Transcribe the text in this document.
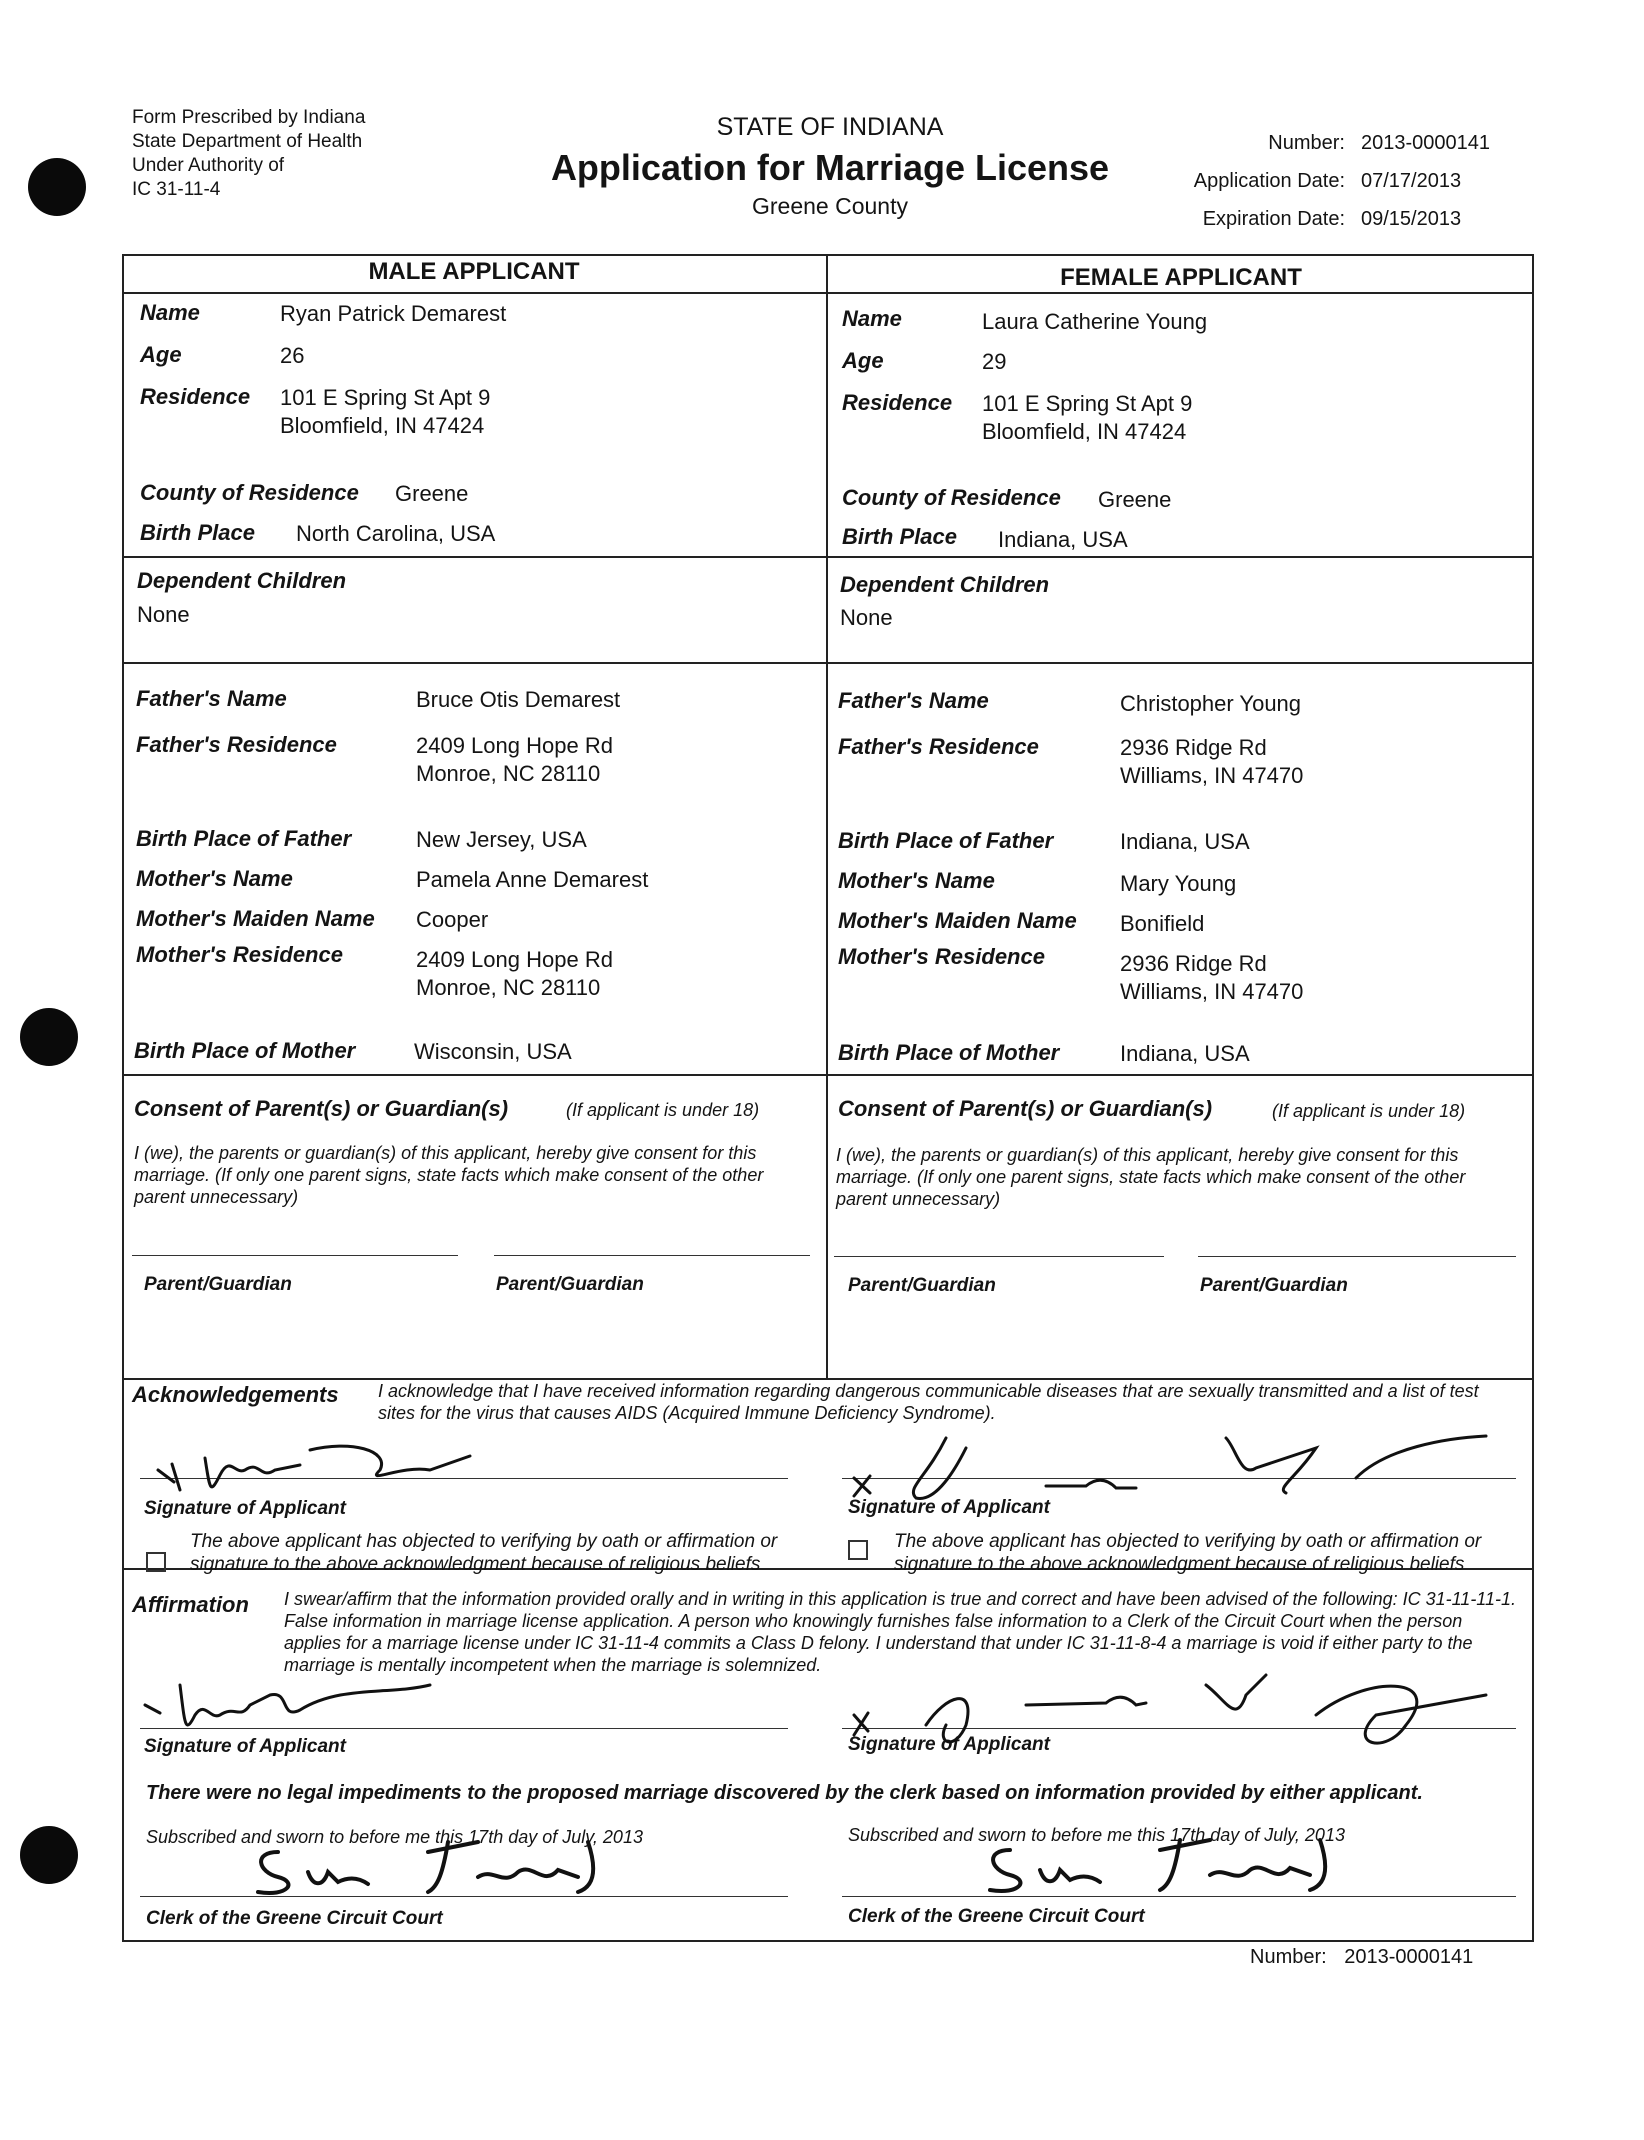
Form Prescribed by Indiana
State Department of Health
Under Authority of
IC 31-11-4
STATE OF INDIANA
Application for Marriage License
Greene County
Number: 2013-0000141
Application Date: 07/17/2013
Expiration Date: 09/15/2013
MALE APPLICANT	FEMALE APPLICANT
Name	Ryan Patrick Demarest
Age	26
Residence 101 E Spring St Apt 9
Bloomfield, IN 47424
County of Residence Greene
Birth Place North Carolina, USA
Dependent Children
None
Father's Name	Bruce Otis Demarest
Father's Residence	2409 Long Hope Rd
Monroe, NC 28110
Birth Place of Father	New Jersey, USA
Mother's Name	Pamela Anne Demarest
Mother's Maiden Name Cooper
Mother's Residence	2409 Long Hope Rd
Monroe, NC 28110
Birth Place of Mother	Wisconsin, USA
Name	Laura Catherine Young
Age	29
Residence 101 E Spring St Apt 9
Bloomfield, IN 47424
County of Residence Greene
Birth Place Indiana, USA
Dependent Children
None
Father's Name	Christopher Young
Father's Residence	2936 Ridge Rd
Williams, IN 47470
Birth Place of Father	Indiana, USA
Mother's Name	Mary Young
Mother's Maiden Name Bonifield
Mother's Residence	2936 Ridge Rd
Williams, IN 47470
Birth Place of Mother	Indiana, USA
Consent of Parent(s) or Guardian(s)	(If applicant is under 18)
I (we), the parents or guardian(s) of this applicant, hereby give consent for this marriage. (If only one parent signs, state facts which make consent of the other parent unnecessary)
Parent/Guardian	Parent/Guardian
Consent of Parent(s) or Guardian(s)	(If applicant is under 18)
I (we), the parents or guardian(s) of this applicant, hereby give consent for this marriage. (If only one parent signs, state facts which make consent of the other parent unnecessary)
Parent/Guardian	Parent/Guardian
Acknowledgements I acknowledge that I have received information regarding dangerous communicable diseases that are sexually transmitted and a list of test sites for the virus that causes AIDS (Acquired Immune Deficiency Syndrome).
Signature of Applicant	Signature of Applicant
The above applicant has objected to verifying by oath or affirmation or signature to the above acknowledgment because of religious beliefs
The above applicant has objected to verifying by oath or affirmation or signature to the above acknowledgment because of religious beliefs
Affirmation I swear/affirm that the information provided orally and in writing in this application is true and correct and have been advised of the following: IC 31-11-11-1. False information in marriage license application. A person who knowingly furnishes false information to a Clerk of the Circuit Court when the person applies for a marriage license under IC 31-11-4 commits a Class D felony. I understand that under IC 31-11-8-4 a marriage is void if either party to the marriage is mentally incompetent when the marriage is solemnized.
Signature of Applicant	Signature of Applicant
There were no legal impediments to the proposed marriage discovered by the clerk based on information provided by either applicant.
Subscribed and sworn to before me this 17th day of July, 2013	Subscribed and sworn to before me this 17th day of July, 2013
Clerk of the Greene Circuit Court	Clerk of the Greene Circuit Court
Number: 2013-0000141
